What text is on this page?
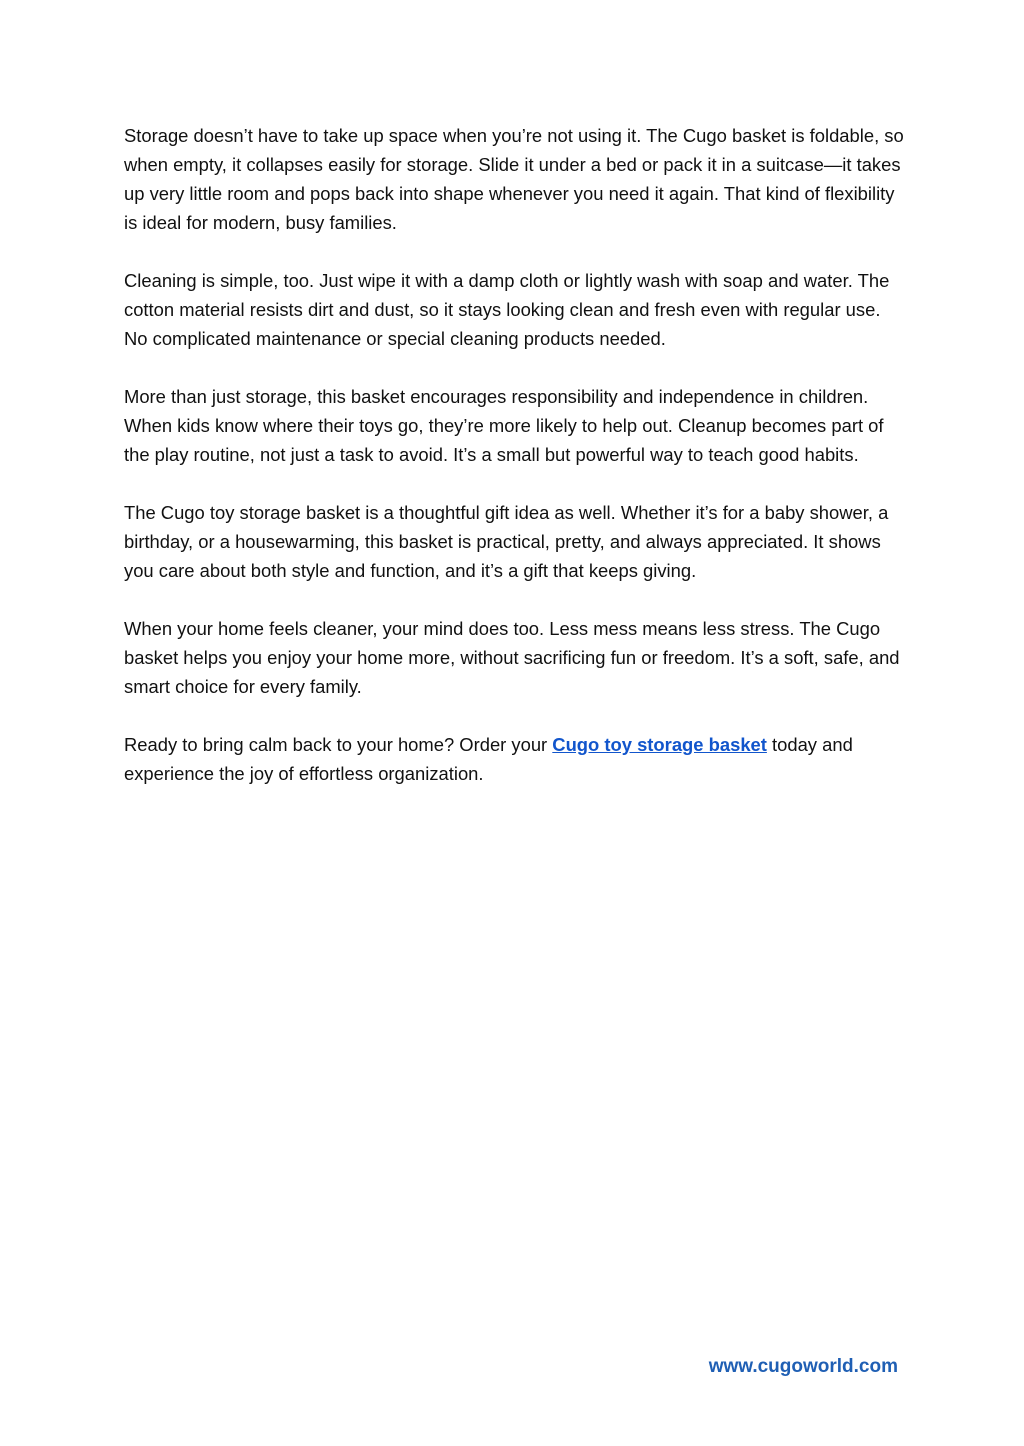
Storage doesn’t have to take up space when you’re not using it. The Cugo basket is foldable, so when empty, it collapses easily for storage. Slide it under a bed or pack it in a suitcase—it takes up very little room and pops back into shape whenever you need it again. That kind of flexibility is ideal for modern, busy families.

Cleaning is simple, too. Just wipe it with a damp cloth or lightly wash with soap and water. The cotton material resists dirt and dust, so it stays looking clean and fresh even with regular use. No complicated maintenance or special cleaning products needed.

More than just storage, this basket encourages responsibility and independence in children. When kids know where their toys go, they’re more likely to help out. Cleanup becomes part of the play routine, not just a task to avoid. It’s a small but powerful way to teach good habits.

The Cugo toy storage basket is a thoughtful gift idea as well. Whether it’s for a baby shower, a birthday, or a housewarming, this basket is practical, pretty, and always appreciated. It shows you care about both style and function, and it’s a gift that keeps giving.

When your home feels cleaner, your mind does too. Less mess means less stress. The Cugo basket helps you enjoy your home more, without sacrificing fun or freedom. It’s a soft, safe, and smart choice for every family.

Ready to bring calm back to your home? Order your Cugo toy storage basket today and experience the joy of effortless organization.

www.cugoworld.com
